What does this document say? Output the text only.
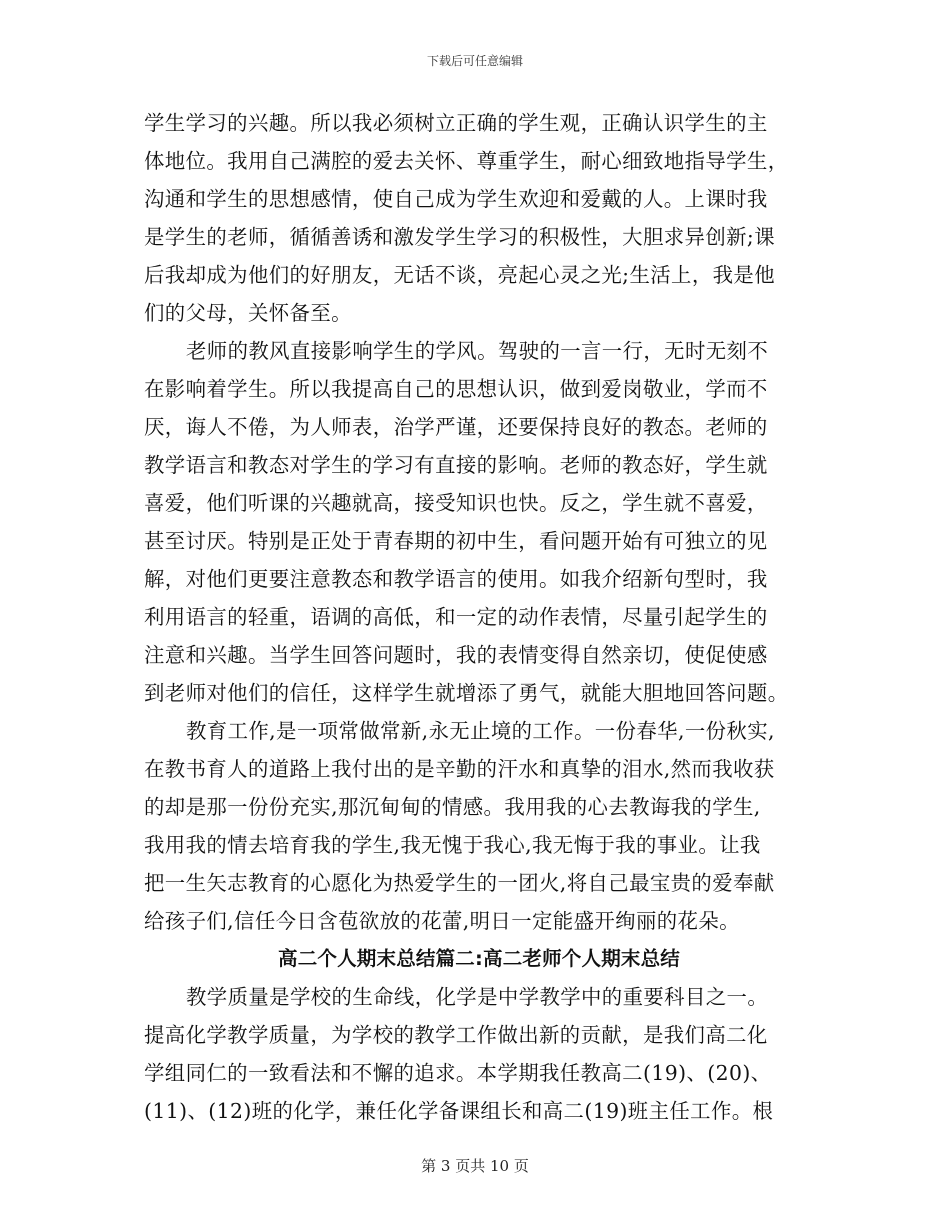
下载后可任意编辑
学生学习的兴趣。所以我必须树立正确的学生观，正确认识学生的主
体地位。我用自己满腔的爱去关怀、尊重学生，耐心细致地指导学生，
沟通和学生的思想感情，使自己成为学生欢迎和爱戴的人。上课时我
是学生的老师，循循善诱和激发学生学习的积极性，大胆求异创新;课
后我却成为他们的好朋友，无话不谈，亮起心灵之光;生活上，我是他
们的父母，关怀备至。
老师的教风直接影响学生的学风。驾驶的一言一行，无时无刻不
在影响着学生。所以我提高自己的思想认识，做到爱岗敬业，学而不
厌，诲人不倦，为人师表，治学严谨，还要保持良好的教态。老师的
教学语言和教态对学生的学习有直接的影响。老师的教态好，学生就
喜爱，他们听课的兴趣就高，接受知识也快。反之，学生就不喜爱，
甚至讨厌。特别是正处于青春期的初中生，看问题开始有可独立的见
解，对他们更要注意教态和教学语言的使用。如我介绍新句型时，我
利用语言的轻重，语调的高低，和一定的动作表情，尽量引起学生的
注意和兴趣。当学生回答问题时，我的表情变得自然亲切，使促使感
到老师对他们的信任，这样学生就增添了勇气，就能大胆地回答问题。
教育工作,是一项常做常新,永无止境的工作。一份春华,一份秋实,
在教书育人的道路上我付出的是辛勤的汗水和真挚的泪水,然而我收获
的却是那一份份充实,那沉甸甸的情感。我用我的心去教诲我的学生,
我用我的情去培育我的学生,我无愧于我心,我无悔于我的事业。让我
把一生矢志教育的心愿化为热爱学生的一团火,将自己最宝贵的爱奉献
给孩子们,信任今日含苞欲放的花蕾,明日一定能盛开绚丽的花朵。
高二个人期末总结篇二:高二老师个人期末总结
教学质量是学校的生命线，化学是中学教学中的重要科目之一。
提高化学教学质量，为学校的教学工作做出新的贡献，是我们高二化
学组同仁的一致看法和不懈的追求。本学期我任教高二(19)、(20)、
(11)、(12)班的化学，兼任化学备课组长和高二(19)班主任工作。根
第 3 页共 10 页
